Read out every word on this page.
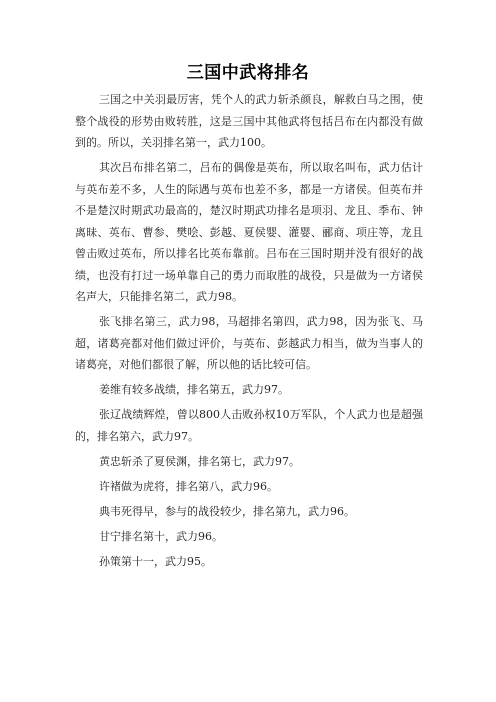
三国中武将排名

三国之中关羽最厉害，凭个人的武力斩杀颜良，解救白马之围，使整个战役的形势由败转胜，这是三国中其他武将包括吕布在内都没有做到的。所以，关羽排名第一，武力100。

其次吕布排名第二，吕布的偶像是英布，所以取名叫布，武力估计与英布差不多，人生的际遇与英布也差不多，都是一方诸侯。但英布并不是楚汉时期武功最高的，楚汉时期武功排名是项羽、龙且、季布、钟离昧、英布、曹参、樊哙、彭越、夏侯婴、灌婴、郦商、项庄等，龙且曾击败过英布，所以排名比英布靠前。吕布在三国时期并没有很好的战绩，也没有打过一场单靠自己的勇力而取胜的战役，只是做为一方诸侯名声大，只能排名第二，武力98。

张飞排名第三，武力98，马超排名第四，武力98，因为张飞、马超，诸葛亮都对他们做过评价，与英布、彭越武力相当，做为当事人的诸葛亮，对他们都很了解，所以他的话比较可信。

姜维有较多战绩，排名第五，武力97。

张辽战绩辉煌，曾以800人击败孙权10万军队，个人武力也是超强的，排名第六，武力97。

黄忠斩杀了夏侯渊，排名第七，武力97。

许褚做为虎将，排名第八，武力96。

典韦死得早，参与的战役较少，排名第九，武力96。

甘宁排名第十，武力96。

孙策第十一，武力95。
